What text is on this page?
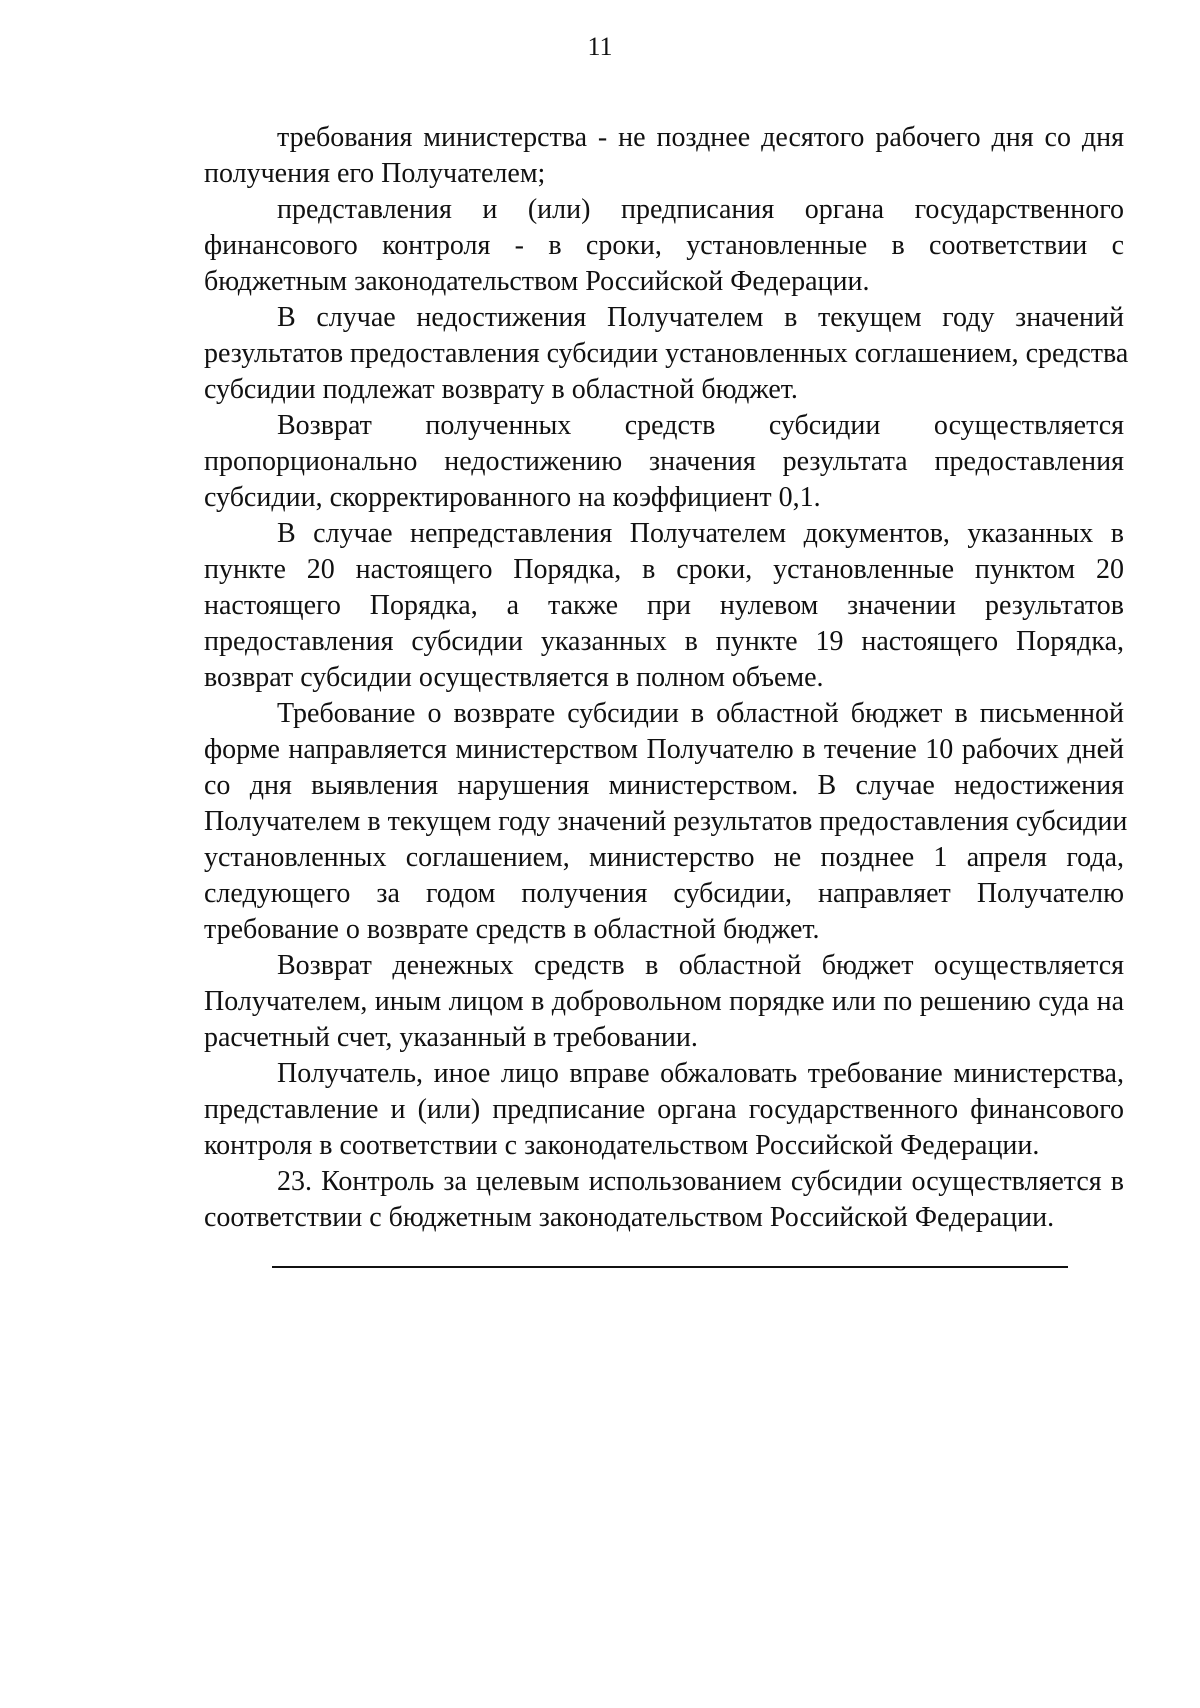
11

требования министерства - не позднее десятого рабочего дня со дня
получения его Получателем;

представления и (или) предписания органа государственного
финансового контроля - в сроки, установленные в соответствии с
бюджетным законодательством Российской Федерации.

В случае недостижения Получателем в текущем году значений
результатов предоставления субсидии установленных соглашением, средства
субсидии подлежат возврату в областной бюджет.

Возврат полученных средств субсидии осуществляется
пропорционально недостижению значения результата предоставления
субсидии, скорректированного на коэффициент 0,1.

В случае непредставления Получателем документов, указанных в
пункте 20 настоящего Порядка, в сроки, установленные пунктом 20
настоящего Порядка, а также при нулевом значении результатов
предоставления субсидии указанных в пункте 19 настоящего Порядка,
возврат субсидии осуществляется в полном объеме.

Требование о возврате субсидии в областной бюджет в письменной
форме направляется министерством Получателю в течение 10 рабочих дней
со дня выявления нарушения министерством. В случае недостижения
Получателем в текущем году значений результатов предоставления субсидии
установленных соглашением, министерство не позднее 1 апреля года,
следующего за годом получения субсидии, направляет Получателю
требование о возврате средств в областной бюджет.

Возврат денежных средств в областной бюджет осуществляется
Получателем, иным лицом в добровольном порядке или по решению суда на
расчетный счет, указанный в требовании.

Получатель, иное лицо вправе обжаловать требование министерства,
представление и (или) предписание органа государственного финансового
контроля в соответствии с законодательством Российской Федерации.

23. Контроль за целевым использованием субсидии осуществляется в
соответствии с бюджетным законодательством Российской Федерации.
